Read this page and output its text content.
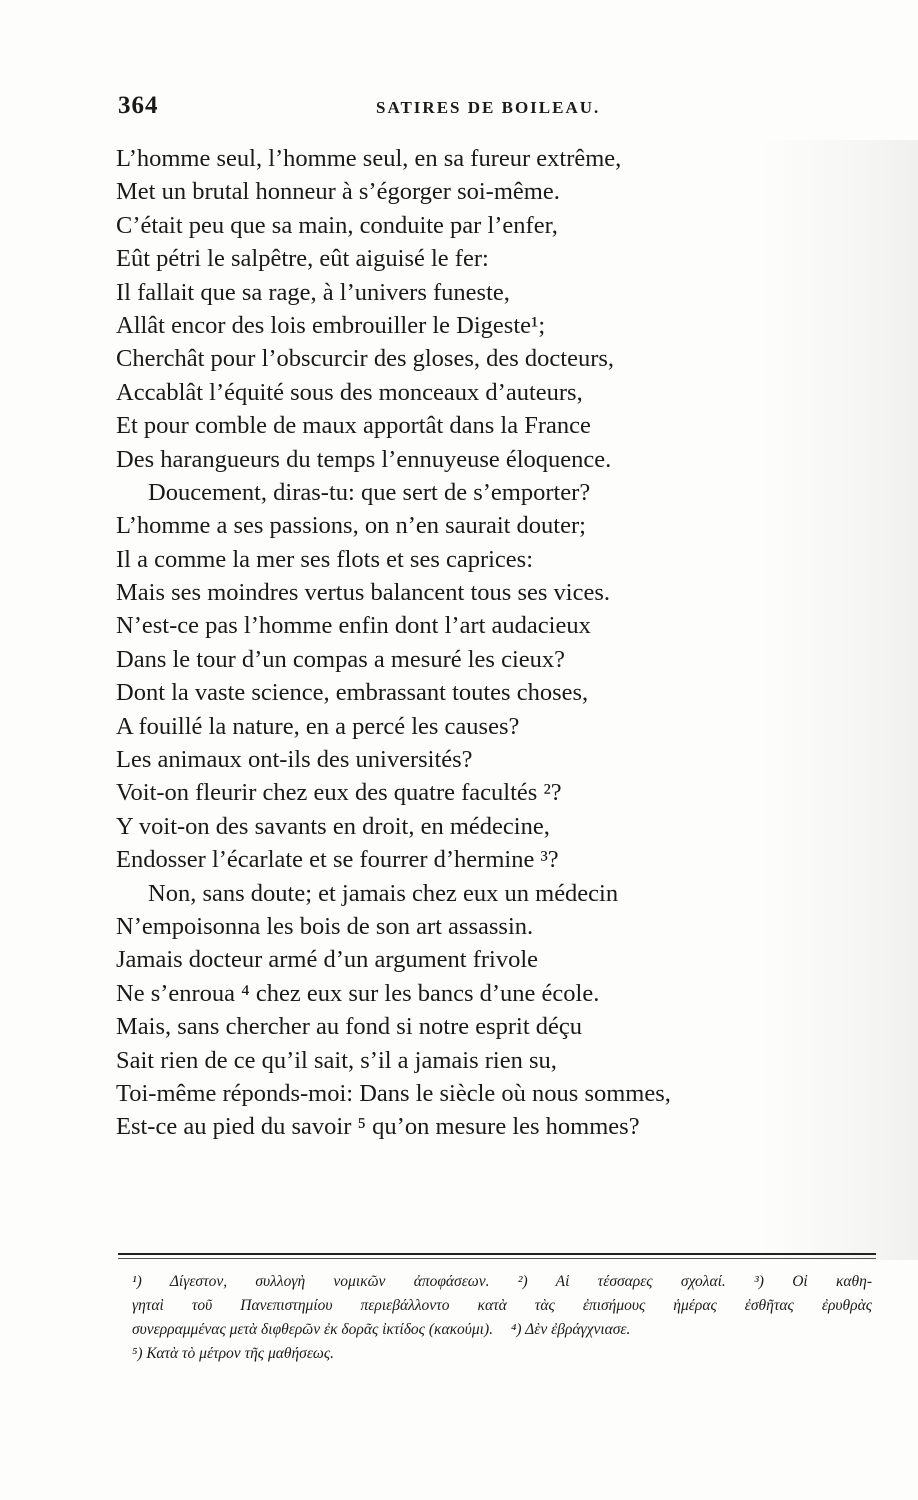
364	SATIRES DE BOILEAU.
L’homme seul, l’homme seul, en sa fureur extrême,
Met un brutal honneur à s’égorger soi-même.
C’était peu que sa main, conduite par l’enfer,
Eût pétri le salpêtre, eût aiguisé le fer:
Il fallait que sa rage, à l’univers funeste,
Allât encor des lois embrouiller le Digeste¹;
Cherchât pour l’obscurcir des gloses, des docteurs,
Accablât l’équité sous des monceaux d’auteurs,
Et pour comble de maux apportât dans la France
Des harangueurs du temps l’ennuyeuse éloquence.
Doucement, diras-tu: que sert de s’emporter?
L’homme a ses passions, on n’en saurait douter;
Il a comme la mer ses flots et ses caprices:
Mais ses moindres vertus balancent tous ses vices.
N’est-ce pas l’homme enfin dont l’art audacieux
Dans le tour d’un compas a mesuré les cieux?
Dont la vaste science, embrassant toutes choses,
A fouillé la nature, en a percé les causes?
Les animaux ont-ils des universités?
Voit-on fleurir chez eux des quatre facultés ²?
Y voit-on des savants en droit, en médecine,
Endosser l’écarlate et se fourrer d’hermine ³?
Non, sans doute; et jamais chez eux un médecin
N’empoisonna les bois de son art assassin.
Jamais docteur armé d’un argument frivole
Ne s’enroua ⁴ chez eux sur les bancs d’une école.
Mais, sans chercher au fond si notre esprit déçu
Sait rien de ce qu’il sait, s’il a jamais rien su,
Toi-même réponds-moi: Dans le siècle où nous sommes,
Est-ce au pied du savoir ⁵ qu’on mesure les hommes?
¹) Δίγεστον, συλλογὴ νομικῶν ἀποφάσεων. ²) Αἱ τέσσαρες σχολαί. ³) Οἱ καθη-
γηταὶ τοῦ Πανεπιστημίου περιεβάλλοντο κατὰ τὰς ἐπισήμους ἡμέρας ἐσθῆτας ἐρυθρὰς
συνερραμμένας μετὰ διφθερῶν ἐκ δορᾶς ἰκτίδος (κακούμι). ⁴) Δὲν ἐβράγχνιασε.
⁵) Κατὰ τὸ μέτρον τῆς μαθήσεως.
